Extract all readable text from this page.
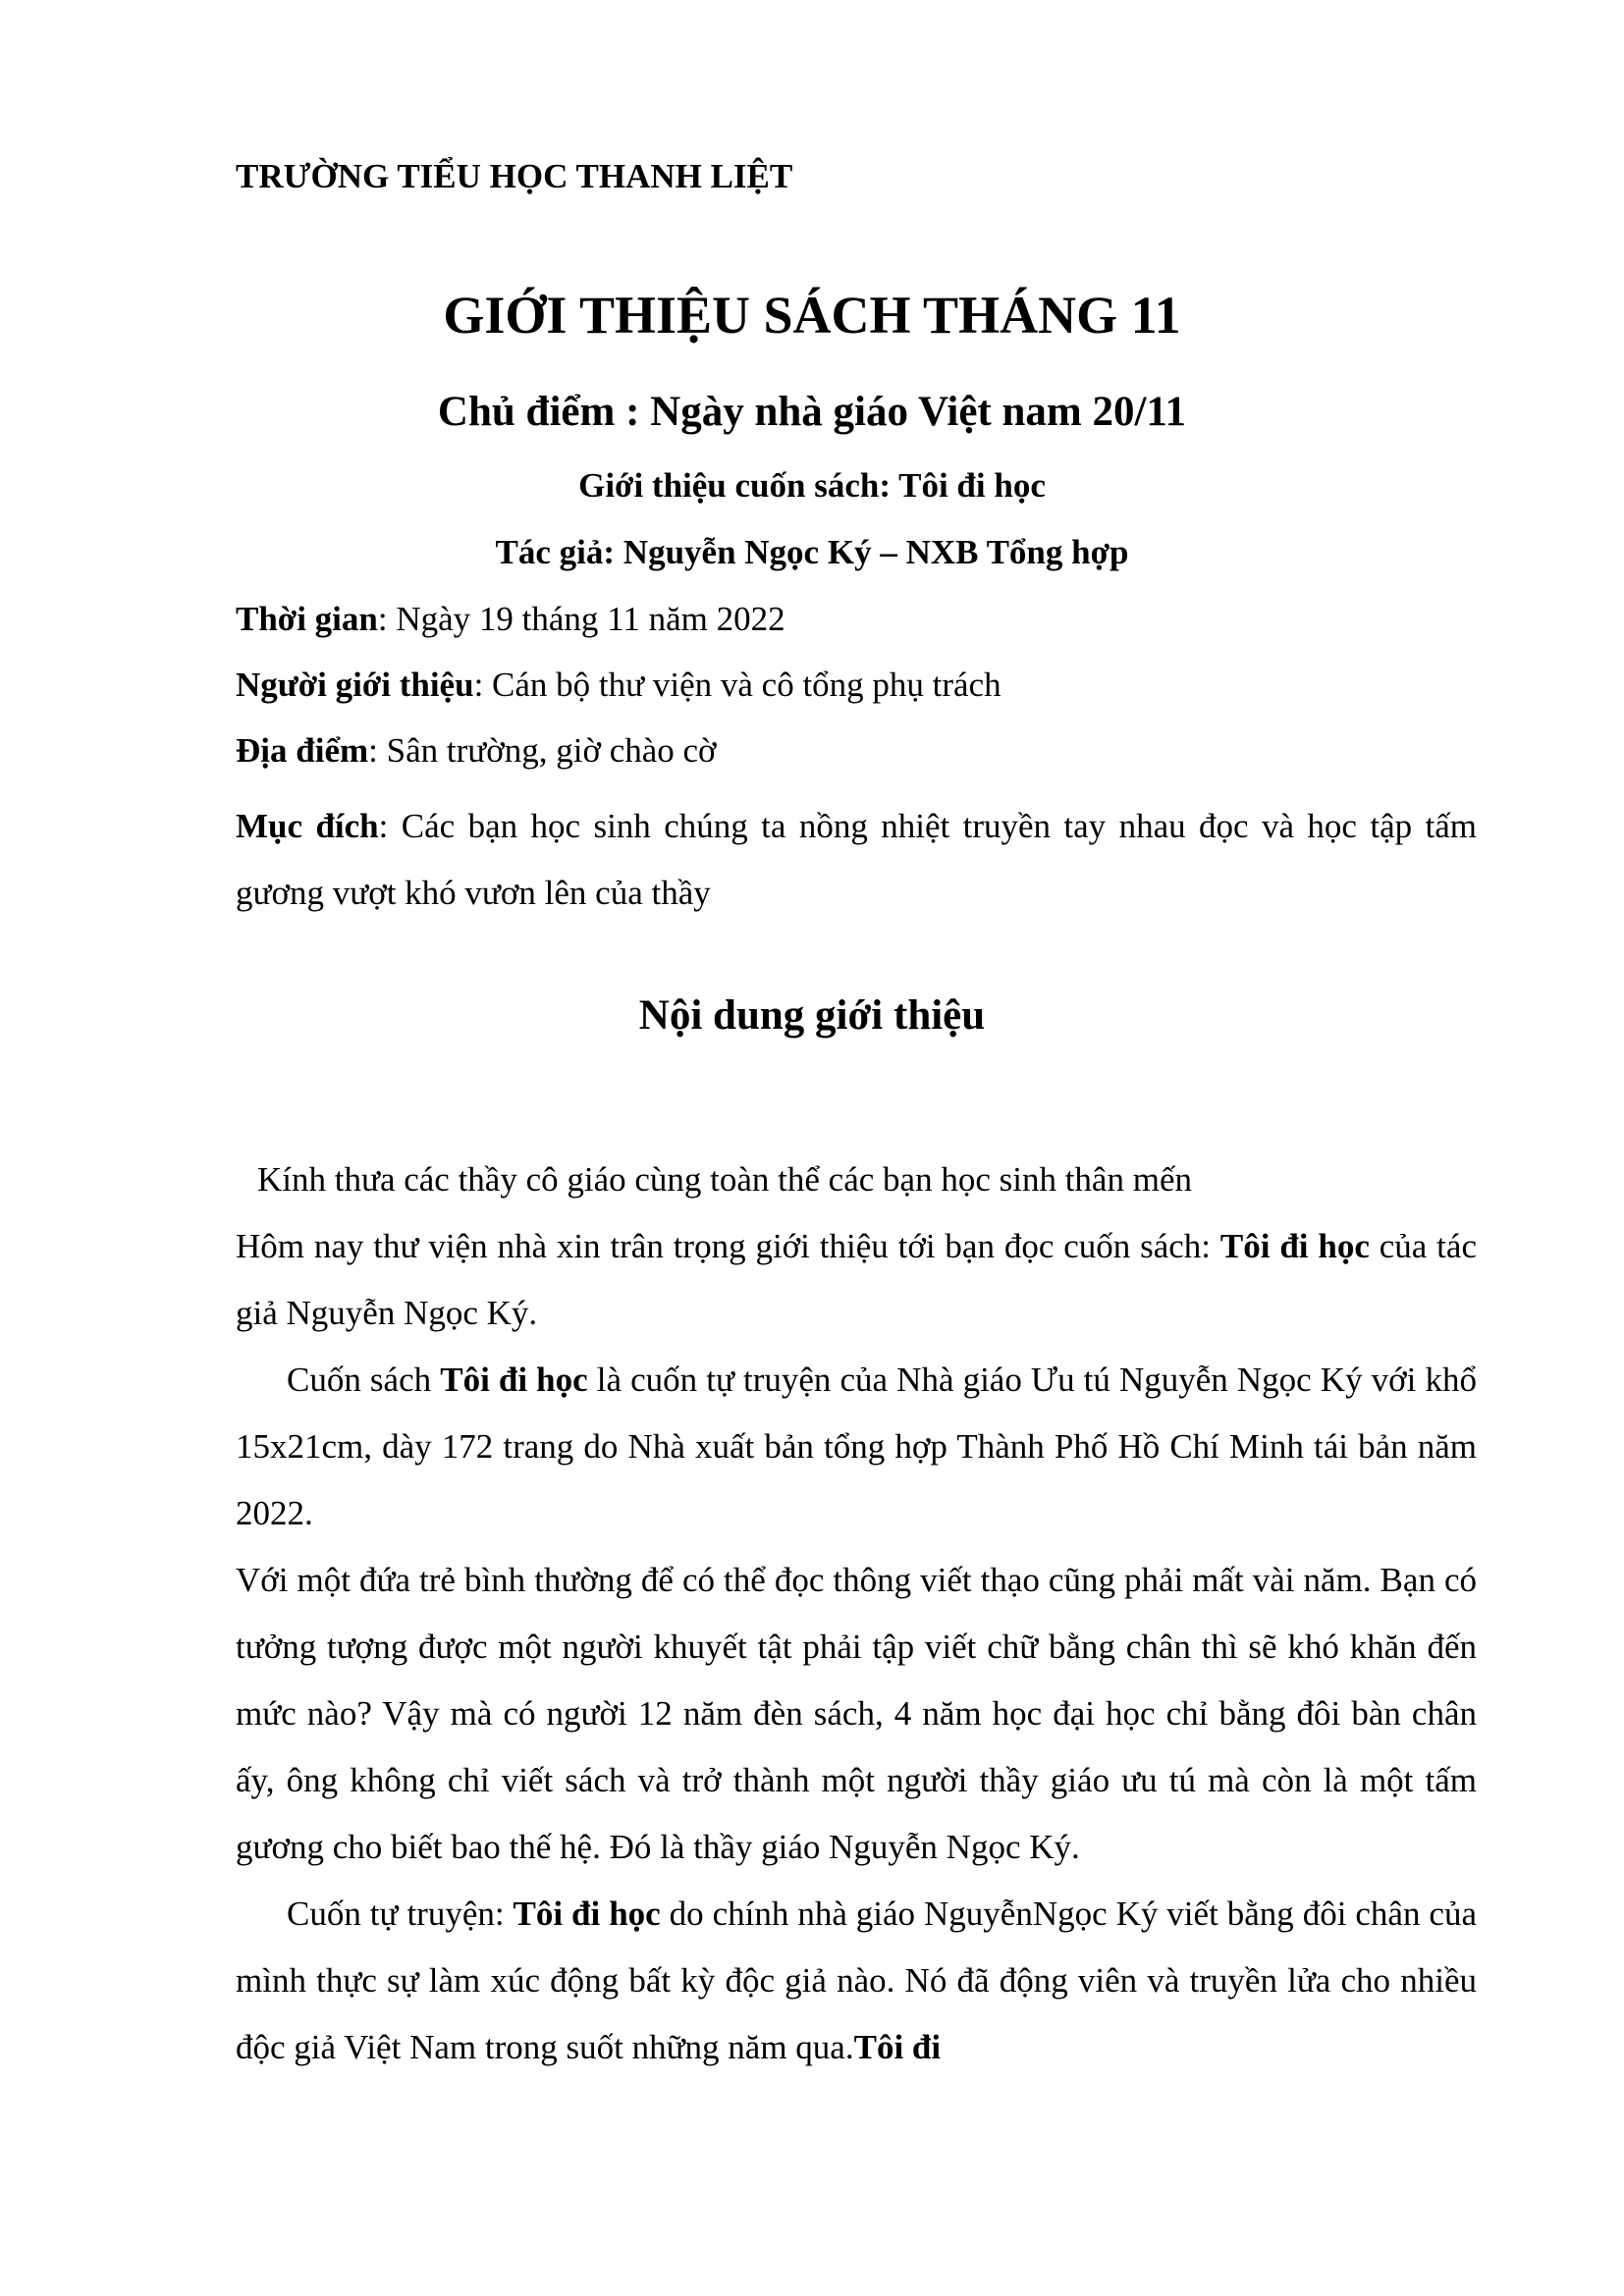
TRƯỜNG TIỂU HỌC THANH LIỆT
GIỚI THIỆU SÁCH THÁNG 11
Chủ điểm : Ngày nhà giáo Việt nam 20/11
Giới thiệu cuốn sách: Tôi đi học
Tác giả: Nguyễn Ngọc Ký – NXB Tổng hợp
Thời gian: Ngày 19 tháng 11 năm 2022
Người giới thiệu: Cán bộ thư viện và cô tổng phụ trách
Địa điểm: Sân trường, giờ chào cờ
Mục đích: Các bạn học sinh chúng ta nồng nhiệt truyền tay nhau đọc và học tập tấm gương vượt khó vươn lên của thầy
Nội dung giới thiệu
Kính thưa các thầy cô giáo cùng toàn thể các bạn học sinh thân mến
Hôm nay thư viện nhà xin trân trọng giới thiệu tới bạn đọc cuốn sách: Tôi đi học của tác giả Nguyễn Ngọc Ký.
Cuốn sách Tôi đi học là cuốn tự truyện của Nhà giáo Ưu tú Nguyễn Ngọc Ký với khổ 15x21cm, dày 172 trang do Nhà xuất bản tổng hợp Thành Phố Hồ Chí Minh tái bản năm 2022.
Với một đứa trẻ bình thường để có thể đọc thông viết thạo cũng phải mất vài năm. Bạn có tưởng tượng được một người khuyết tật phải tập viết chữ bằng chân thì sẽ khó khăn đến mức nào? Vậy mà có người 12 năm đèn sách, 4 năm học đại học chỉ bằng đôi bàn chân ấy, ông không chỉ viết sách và trở thành một người thầy giáo ưu tú mà còn là một tấm gương cho biết bao thế hệ. Đó là thầy giáo Nguyễn Ngọc Ký.
Cuốn tự truyện: Tôi đi học do chính nhà giáo NguyễnNgọc Ký viết bằng đôi chân của mình thực sự làm xúc động bất kỳ độc giả nào. Nó đã động viên và truyền lửa cho nhiều độc giả Việt Nam trong suốt những năm qua.Tôi đi
